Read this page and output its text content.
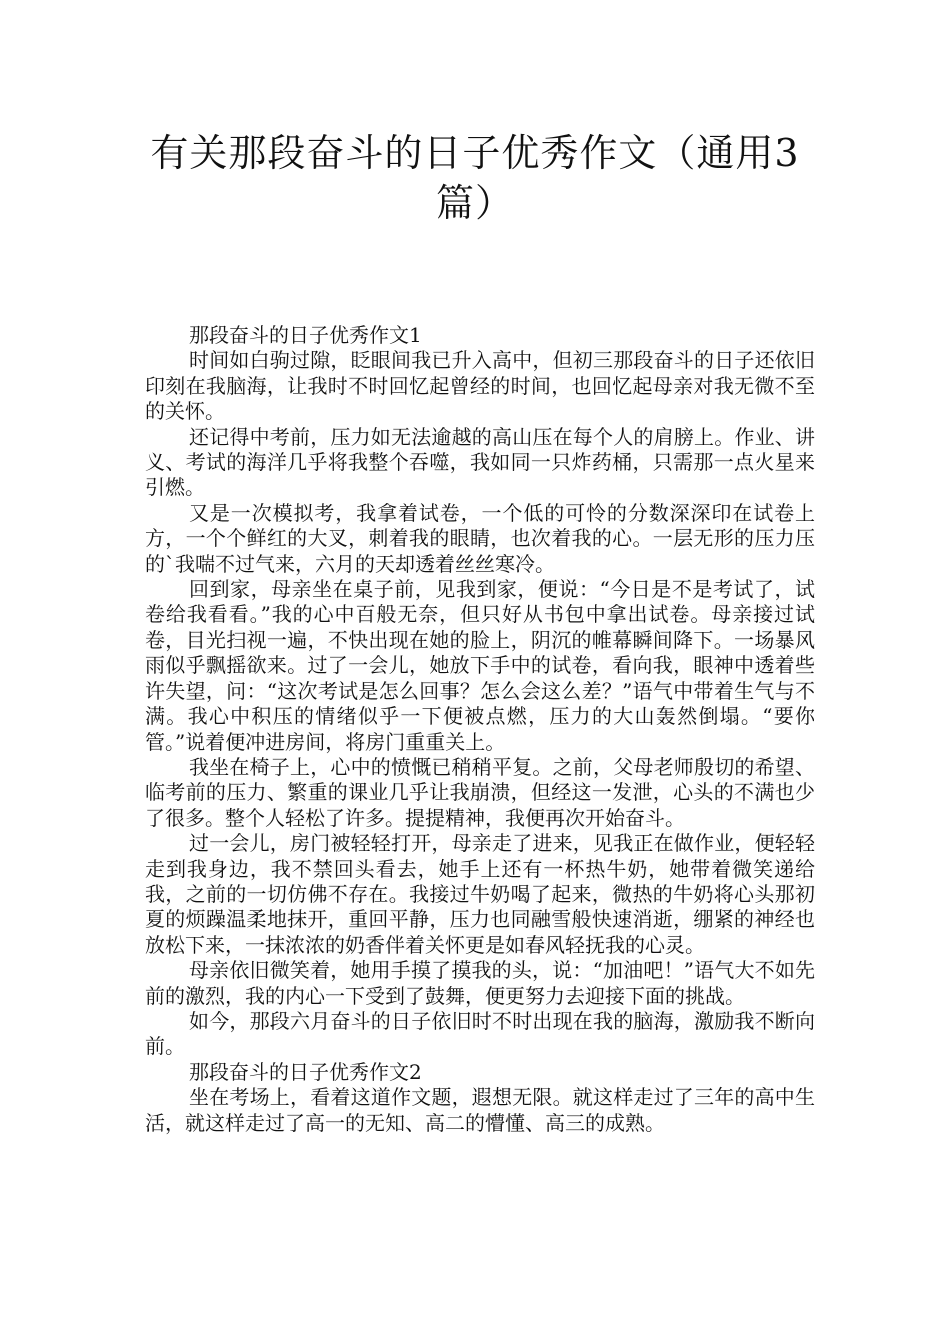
有关那段奋斗的日子优秀作文（通用3篇）

那段奋斗的日子优秀作文1

时间如白驹过隙，眨眼间我已升入高中，但初三那段奋斗的日子还依旧印刻在我脑海，让我时不时回忆起曾经的时间，也回忆起母亲对我无微不至的关怀。

还记得中考前，压力如无法逾越的高山压在每个人的肩膀上。作业、讲义、考试的海洋几乎将我整个吞噬，我如同一只炸药桶，只需那一点火星来引燃。

又是一次模拟考，我拿着试卷，一个低的可怜的分数深深印在试卷上方，一个个鲜红的大叉，刺着我的眼睛，也次着我的心。一层无形的压力压的`我喘不过气来，六月的天却透着丝丝寒冷。

回到家，母亲坐在桌子前，见我到家，便说：“今日是不是考试了，试卷给我看看。”我的心中百般无奈，但只好从书包中拿出试卷。母亲接过试卷，目光扫视一遍，不快出现在她的脸上，阴沉的帷幕瞬间降下。一场暴风雨似乎飘摇欲来。过了一会儿，她放下手中的试卷，看向我，眼神中透着些许失望，问：“这次考试是怎么回事？怎么会这么差？”语气中带着生气与不满。我心中积压的情绪似乎一下便被点燃，压力的大山轰然倒塌。“要你管。”说着便冲进房间，将房门重重关上。

我坐在椅子上，心中的愤慨已稍稍平复。之前，父母老师殷切的希望、临考前的压力、繁重的课业几乎让我崩溃，但经这一发泄，心头的不满也少了很多。整个人轻松了许多。提提精神，我便再次开始奋斗。

过一会儿，房门被轻轻打开，母亲走了进来，见我正在做作业，便轻轻走到我身边，我不禁回头看去，她手上还有一杯热牛奶，她带着微笑递给我，之前的一切仿佛不存在。我接过牛奶喝了起来，微热的牛奶将心头那初夏的烦躁温柔地抹开，重回平静，压力也同融雪般快速消逝，绷紧的神经也放松下来，一抹浓浓的奶香伴着关怀更是如春风轻抚我的心灵。

母亲依旧微笑着，她用手摸了摸我的头，说：“加油吧！”语气大不如先前的激烈，我的内心一下受到了鼓舞，便更努力去迎接下面的挑战。

如今，那段六月奋斗的日子依旧时不时出现在我的脑海，激励我不断向前。

那段奋斗的日子优秀作文2

坐在考场上，看着这道作文题，遐想无限。就这样走过了三年的高中生活，就这样走过了高一的无知、高二的懵懂、高三的成熟。
